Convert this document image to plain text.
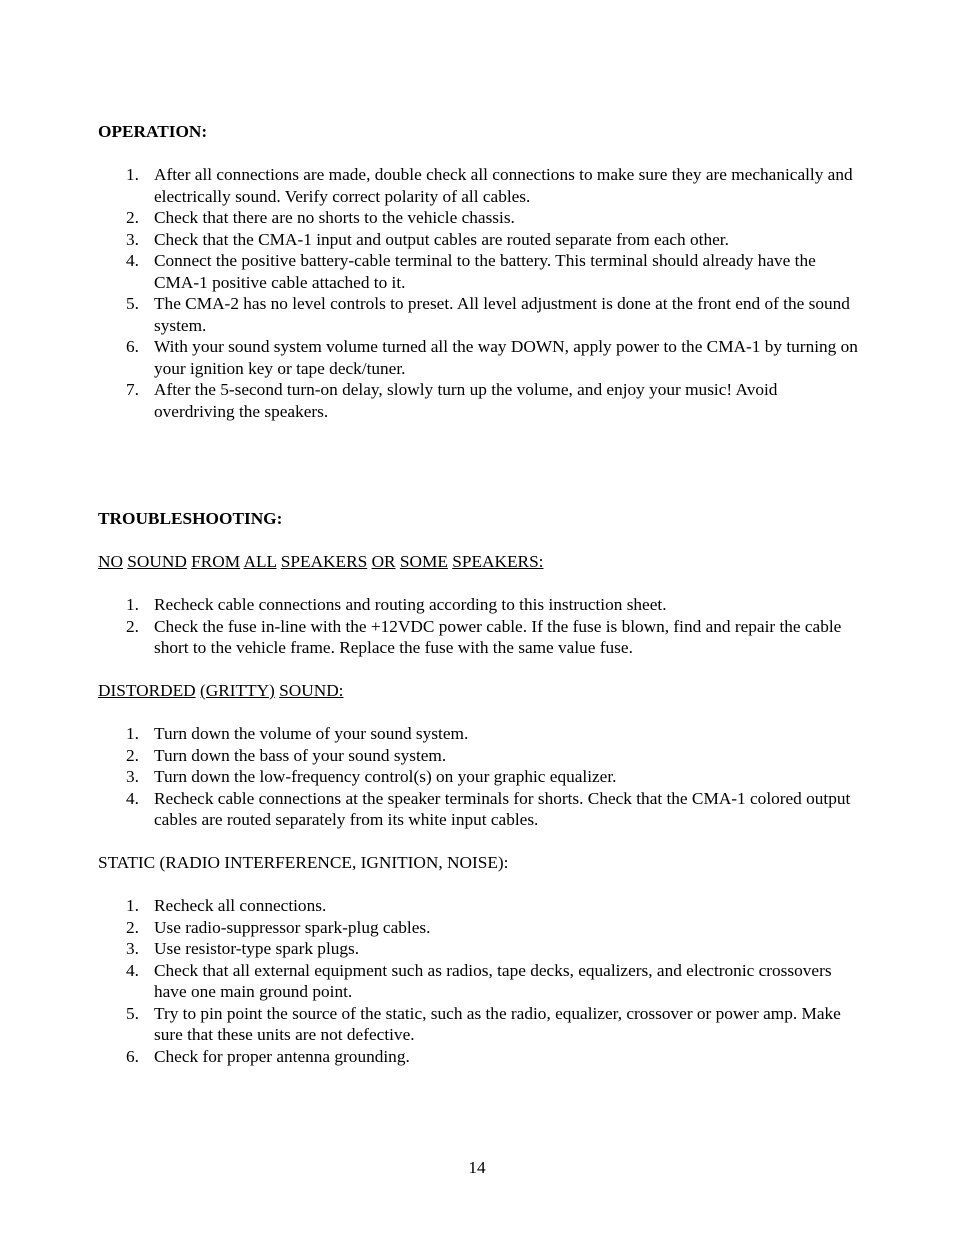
OPERATION:
1. After all connections are made, double check all connections to make sure they are mechanically and electrically sound. Verify correct polarity of all cables.
2. Check that there are no shorts to the vehicle chassis.
3. Check that the CMA-1 input and output cables are routed separate from each other.
4. Connect the positive battery-cable terminal to the battery. This terminal should already have the CMA-1 positive cable attached to it.
5. The CMA-2 has no level controls to preset. All level adjustment is done at the front end of the sound system.
6. With your sound system volume turned all the way DOWN, apply power to the CMA-1 by turning on your ignition key or tape deck/tuner.
7. After the 5-second turn-on delay, slowly turn up the volume, and enjoy your music! Avoid overdriving the speakers.
TROUBLESHOOTING:

NO SOUND FROM ALL SPEAKERS OR SOME SPEAKERS:

1. Recheck cable connections and routing according to this instruction sheet.
2. Check the fuse in-line with the +12VDC power cable. If the fuse is blown, find and repair the cable short to the vehicle frame. Replace the fuse with the same value fuse.

DISTORDED (GRITTY) SOUND:

1. Turn down the volume of your sound system.
2. Turn down the bass of your sound system.
3. Turn down the low-frequency control(s) on your graphic equalizer.
4. Recheck cable connections at the speaker terminals for shorts. Check that the CMA-1 colored output cables are routed separately from its white input cables.

STATIC (RADIO INTERFERENCE, IGNITION, NOISE):

1. Recheck all connections.
2. Use radio-suppressor spark-plug cables.
3. Use resistor-type spark plugs.
4. Check that all external equipment such as radios, tape decks, equalizers, and electronic crossovers have one main ground point.
5. Try to pin point the source of the static, such as the radio, equalizer, crossover or power amp. Make sure that these units are not defective.
6. Check for proper antenna grounding.
14
